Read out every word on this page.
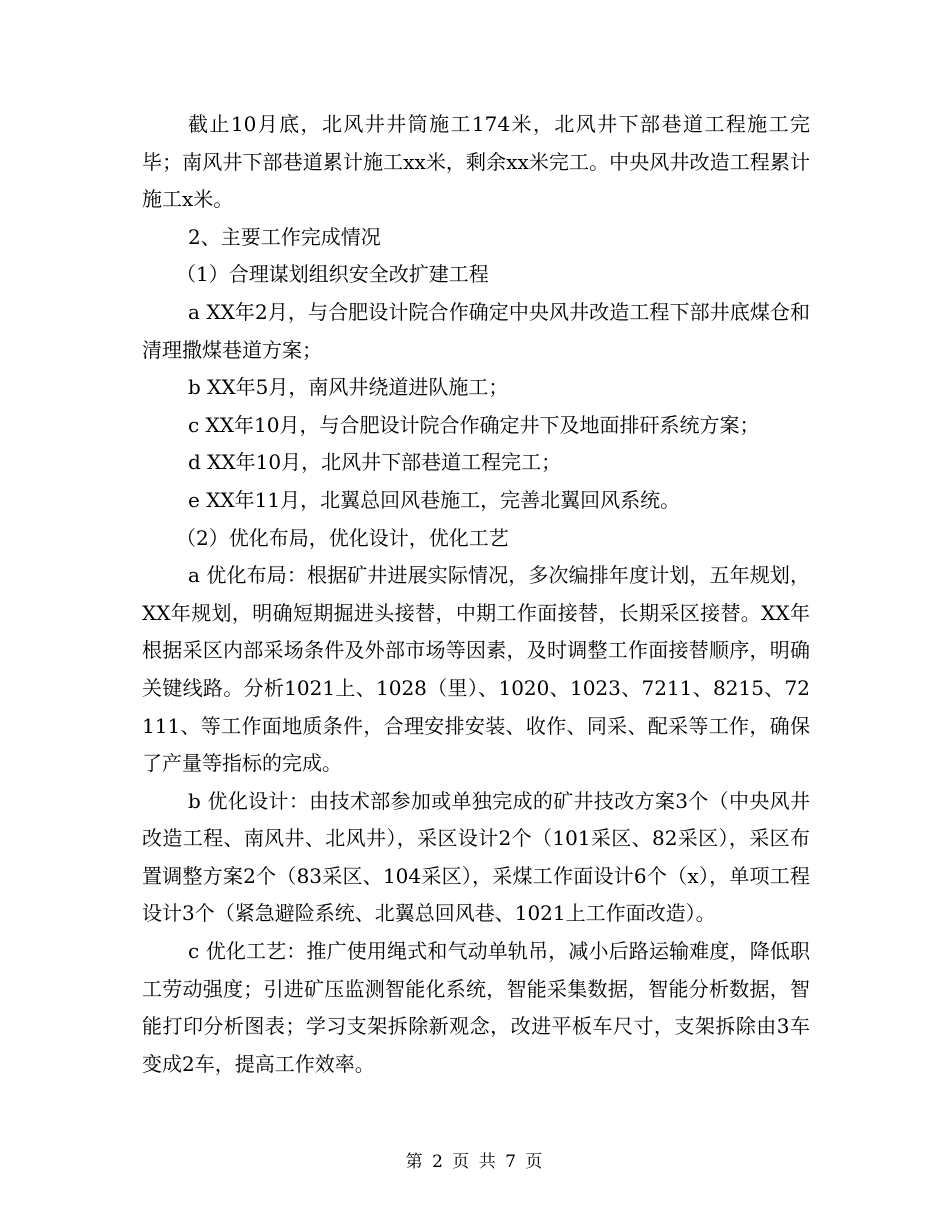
截止10月底，北风井井筒施工174米，北风井下部巷道工程施工完毕；南风井下部巷道累计施工xx米，剩余xx米完工。中央风井改造工程累计施工x米。

2、主要工作完成情况

（1）合理谋划组织安全改扩建工程

a XX年2月，与合肥设计院合作确定中央风井改造工程下部井底煤仓和清理撒煤巷道方案；

b XX年5月，南风井绕道进队施工；

c XX年10月，与合肥设计院合作确定井下及地面排矸系统方案；

d XX年10月，北风井下部巷道工程完工；

e XX年11月，北翼总回风巷施工，完善北翼回风系统。

（2）优化布局，优化设计，优化工艺

a 优化布局：根据矿井进展实际情况，多次编排年度计划，五年规划，XX年规划，明确短期掘进头接替，中期工作面接替，长期采区接替。XX年根据采区内部采场条件及外部市场等因素，及时调整工作面接替顺序，明确关键线路。分析1021上、1028（里）、1020、1023、7211、8215、72111、等工作面地质条件，合理安排安装、收作、同采、配采等工作，确保了产量等指标的完成。

b 优化设计：由技术部参加或单独完成的矿井技改方案3个（中央风井改造工程、南风井、北风井），采区设计2个（101采区、82采区），采区布置调整方案2个（83采区、104采区），采煤工作面设计6个（x），单项工程设计3个（紧急避险系统、北翼总回风巷、1021上工作面改造）。

c 优化工艺：推广使用绳式和气动单轨吊，减小后路运输难度，降低职工劳动强度；引进矿压监测智能化系统，智能采集数据，智能分析数据，智能打印分析图表；学习支架拆除新观念，改进平板车尺寸，支架拆除由3车变成2车，提高工作效率。

第 2 页 共 7 页
